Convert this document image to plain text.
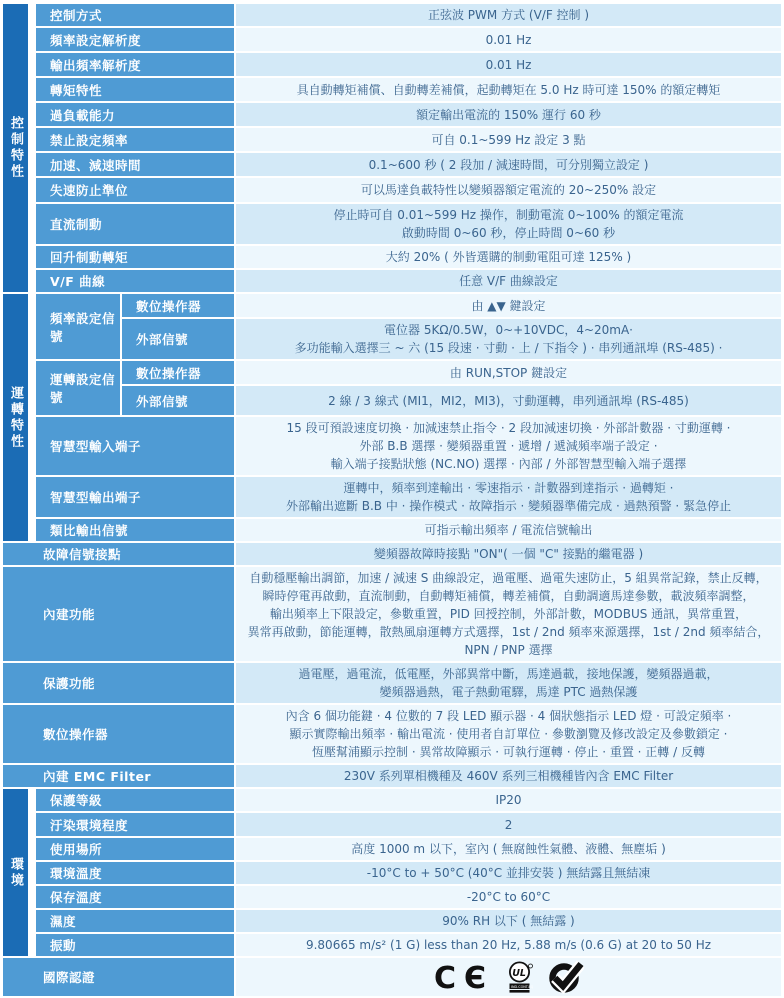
控制特性		控制方式		正弦波 PWM 方式 (V/F 控制 )

		頻率設定解析度		0.01 Hz

		輸出頻率解析度		0.01 Hz

		轉矩特性		具自動轉矩補償、自動轉差補償，起動轉矩在 5.0 Hz 時可達 150% 的額定轉矩

		過負載能力		額定輸出電流的 150% 運行 60 秒

		禁止設定頻率		可自 0.1~599 Hz 設定 3 點

		加速、減速時間		0.1~600 秒 ( 2 段加 / 減速時間，可分別獨立設定 )

		失速防止準位		可以馬達負載特性以變頻器額定電流的 20~250% 設定

		直流制動		停止時可自 0.01~599 Hz 操作，制動電流 0~100% 的額定電流
啟動時間 0~60 秒，停止時間 0~60 秒

		回升制動轉矩		大約 20% ( 外皆選購的制動電阻可達 125% )

		V/F 曲線		任意 V/F 曲線設定

運轉特性		頻率設定信號	數位操作器	由 ▲▼ 鍵設定

			外部信號	電位器 5KΩ/0.5W，0~+10VDC，4~20mA·
多功能輸入選擇三 ~ 六 (15 段速 · 寸動 · 上 / 下指令 ) · 串列通訊埠 (RS-485) ·

		運轉設定信號	數位操作器	由 RUN,STOP 鍵設定

			外部信號	2 線 / 3 線式 (MI1，MI2，MI3)，寸動運轉，串列通訊埠 (RS-485)

		智慧型輸入端子		15 段可預設速度切換 · 加減速禁止指令 · 2 段加減速切換 · 外部計數器 · 寸動運轉 ·
外部 B.B 選擇 · 變頻器重置 · 遞增 / 遞減頻率端子設定 ·
輸入端子接點狀態 (NC.NO) 選擇 · 內部 / 外部智慧型輸入端子選擇

		智慧型輸出端子		運轉中，頻率到達輸出 · 零速指示 · 計數器到達指示 · 過轉矩 ·
外部輸出遮斷 B.B 中 · 操作模式 · 故障指示 · 變頻器準備完成 · 過熱預警 · 緊急停止

		類比輸出信號		可指示輸出頻率 / 電流信號輸出

故障信號接點				變頻器故障時接點 "ON"( 一個 "C" 接點的繼電器 )

內建功能				自動穩壓輸出調節，加速 / 減速 S 曲線設定，過電壓、過電失速防止，5 組異常記錄，禁止反轉，
瞬時停電再啟動，直流制動，自動轉矩補償，轉差補償，自動調適馬達參數，載波頻率調整，
輸出頻率上下限設定，參數重置，PID 回授控制，外部計數，MODBUS 通訊，異常重置，
異常再啟動，節能運轉，散熱風扇運轉方式選擇，1st / 2nd 頻率來源選擇，1st / 2nd 頻率結合，
NPN / PNP 選擇

保護功能				過電壓，過電流，低電壓，外部異常中斷，馬達過載，接地保護，變頻器過載，
變頻器過熱，電子熱動電驛，馬達 PTC 過熱保護

數位操作器				內含 6 個功能鍵 · 4 位數的 7 段 LED 顯示器 · 4 個狀態指示 LED 燈 · 可設定頻率 ·
顯示實際輸出頻率 · 輸出電流 · 使用者自訂單位 · 參數瀏覽及修改設定及參數鎖定 ·
恆壓幫浦顯示控制 · 異常故障顯示 · 可執行運轉 · 停止 · 重置 · 正轉 / 反轉

內建 EMC Filter				230V 系列單相機種及 460V 系列三相機種皆內含 EMC Filter

環境		保護等級		IP20

		汙染環境程度		2

		使用場所		高度 1000 m 以下，室內 ( 無腐蝕性氣體、液體、無塵垢 )

		環境溫度		-10°C to + 50°C (40°C 並排安裝 ) 無結露且無結凍

		保存溫度		-20°C to 60°C

		濕度		90% RH 以下 ( 無結露 )

		振動		9.80665 m/s² (1 G) less than 20 Hz, 5.88 m/s (0.6 G) at 20 to 50 Hz

國際認證				C Є UL
IND.CONT.EQ
